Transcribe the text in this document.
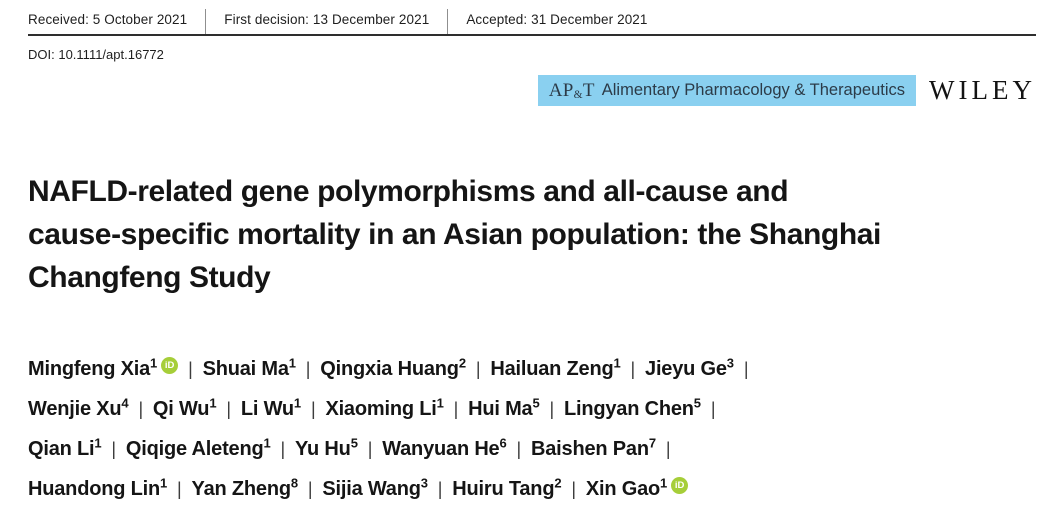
Received: 5 October 2021	First decision: 13 December 2021	Accepted: 31 December 2021
DOI: 10.1111/apt.16772
AP&T Alimentary Pharmacology & Therapeutics WILEY
NAFLD-related gene polymorphisms and all-cause and
cause-specific mortality in an Asian population: the Shanghai
Changfeng Study
Mingfeng Xia$^1$ iD | Shuai Ma$^1$ | Qingxia Huang$^2$ | Hailuan Zeng$^1$ | Jieyu Ge$^3$ |
Wenjie Xu$^4$ | Qi Wu$^1$ | Li Wu$^1$ | Xiaoming Li$^1$ | Hui Ma$^5$ | Lingyan Chen$^5$ |
Qian Li$^1$ | Qiqige Aleteng$^1$ | Yu Hu$^5$ | Wanyuan He$^6$ | Baishen Pan$^7$ |
Huandong Lin$^1$ | Yan Zheng$^8$ | Sijia Wang$^3$ | Huiru Tang$^2$ | Xin Gao$^1$ iD
